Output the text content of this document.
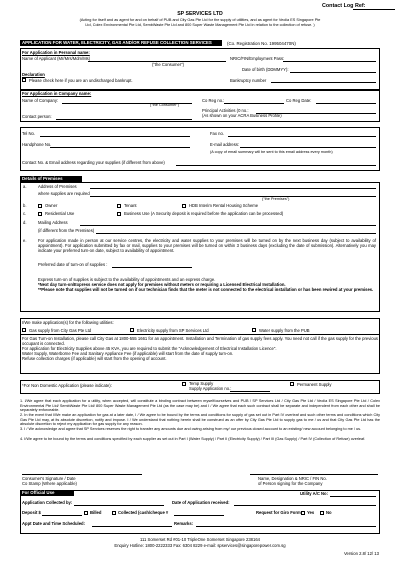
Contact Log Ref:
SP SERVICES LTD
(Acting for itself and as agent for and on behalf of PUB and City Gas Pte Ltd for the supply of utilities, and as agent for Veolia ES Singapore Pte
Ltd, Colex Environmental Pte Ltd, SembWaste Pte Ltd and 800 Super Waste Management Pte Ltd in relation to the collection of refuse. )
APPLICATION FOR WATER, ELECTRICITY, GAS AND/OR REFUSE COLLECTION SERVICES	(Co. Registration No. 199504470N)
For Application in Personal name:
Name of Applicant (Mr/Mrs/Mdm/Ms)
("the Consumer")
NRIC/FIN/Employment Pass:
Date of birth (DDMMYY):
Declaration
Please check here if you are an undischarged bankrupt.	Bankruptcy number
For Application in Company name:
Name of Company:
("the Consumer")
Co Reg no.:	Co Reg Date:
Principal Activities (0 no.:
(As shown on your ACRA Business Profile)
Contact person:
Tel No.	Fax no.
Handphone No.	E-mail address:
(A copy of email summary will be sent to this email address every month)
Contact No. & Email address regarding your supplies (if different from above)
Details of Premises
a.	Address of Premises
where supplies are required
("the Premises")
b.	Owner	Tenant	HDB Interim Rental Housing Scheme
c.	Residential Use	Business Use (A Security deposit is required before the application can be processed)
d.	Mailing Address
(if different from the Premises)
e.	For application made in person at our service centres, the electricity and water supplies to your premises will be turned on by the next business day (subject to availability of appointment). For application submitted by fax or mail, supplies to your premises will be turned on within 3 business days (excluding the date of submission). Alternatively you may indicate your preferred turn-on date, subject to availability of appointment.
Preferred date of turn-on of supplies :
Express turn-on of supplies is subject to the availability of appointments and an express charge.
*Next day turn-on/Express service does not apply for premises without meters or requiring a Licensed Electrical Installation.
**Please note that supplies will not be turned on if our technician finds that the meter is not connected to the electrical installation or has been rewired at your premises.
I/We make application(s) for the following utilities:
Gas supply from City Gas Pte Ltd	Electricity supply from SP Services Ltd	Water supply from the PUB
For Gas Turn-on Installation, please call City Gas at 1800-555 1661 for an appointment. Installation and Termination of gas supply fees apply. You need not call if the gas supply for the previous occupant is connected.
For application for Electricity Supplies above 45 KVA, you are required to submit the "Acknowledgement of Electrical Installation Licence".
Water Supply, Waterborne Fee and Sanitary Appliance Fee (if applicable) will start from the date of supply turn-on.
Refuse collection charges (if applicable) will start from the opening of account.
*For Non Domestic Application (please indicate):	Temp Supply
Supply Application no.:
Permanent Supply
1. I/We agree that each application for a utility, when accepted, will constitute a binding contract between myself/ourselves and PUB / SP Services Ltd / City Gas Pte Ltd / Veolia ES Singapore Pte Ltd / Colex Environmental Pte Ltd/ SembWaste Pte Ltd/ 800 Super Waste Management Pte Ltd (as the case may be) and I / We agree that each such contract shall be separate and independent from each other and shall be separately enforceable.
2. In the event that I/We make an application for gas at a later date, I / We agree to be bound by the terms and conditions for supply of gas set out in Part IV overleaf and such other terms and conditions which City Gas Pte Ltd may, at its absolute discretion, notify and impose. I / We understand that nothing herein shall be construed as an offer by City Gas Pte Ltd to supply gas to me / us and that City Gas Pte Ltd has the absolute discretion to reject my application for gas supply for any reason.
3. I / We acknowledge and agree that SP Services reserves the right to transfer any amounts due and owing arising from my/ our previous closed account to an existing/ new account belonging to me / us.
4. I/We agree to be bound by the terms and conditions specified by each supplier as set out in Part I (Water Supply) / Part II (Electricity Supply) / Part III (Gas Supply) / Part IV (Collection of Refuse) overleaf.
Consumer's Signature / Date
Co Stamp (Where applicable)
Name, Designation & NRIC / FIN No.
of Person signing for the Company
For Official Use	Utility A/C No:
Application Collected by:	Date of Application received:
Deposit $	Billed	Collected (cash/cheque #	Request for Giro Form Yes	No
Appt Date and Time Scheduled:	Remarks:
111 Somerset Rd #01-10 TripleOne Somerset Singapore 238164
Enquiry Hotline: 1800-2222333 Fax: 6304 8229 e-mail: spservices@singaporepower.com.sg
Version 2.8/ 12/ 13
